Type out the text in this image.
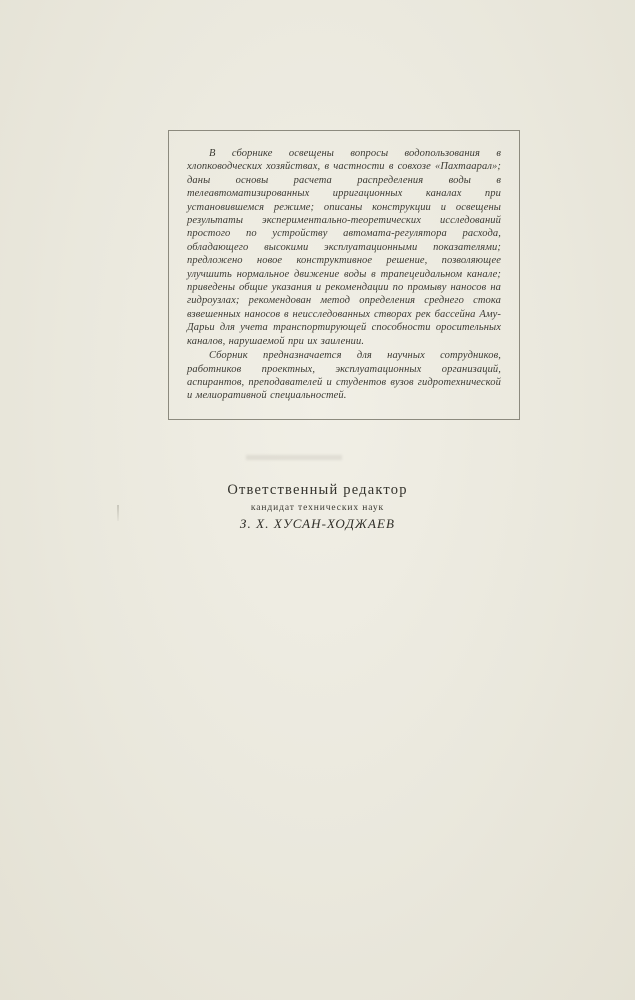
В сборнике освещены вопросы водопользования в хлопководческих хозяйствах, в частности в совхозе «Пахтаарал»; даны основы расчета распределения воды в телеавтоматизированных ирригационных каналах при установившемся режиме; описаны конструкции и освещены результаты экспериментально-теоретических исследований простого по устройству автомата-регулятора расхода, обладающего высокими эксплуатационными показателями; предложено новое конструктивное решение, позволяющее улучшить нормальное движение воды в трапецеидальном канале; приведены общие указания и рекомендации по промыву наносов на гидроузлах; рекомендован метод определения среднего стока взвешенных наносов в неисследованных створах рек бассейна Аму-Дарьи для учета транспортирующей способности оросительных каналов, нарушаемой при их заилении.

Сборник предназначается для научных сотрудников, работников проектных, эксплуатационных организаций, аспирантов, преподавателей и студентов вузов гидротехнической и мелиоративной специальностей.

Ответственный редактор
кандидат технических наук
З. Х. ХУСАН-ХОДЖАЕВ
